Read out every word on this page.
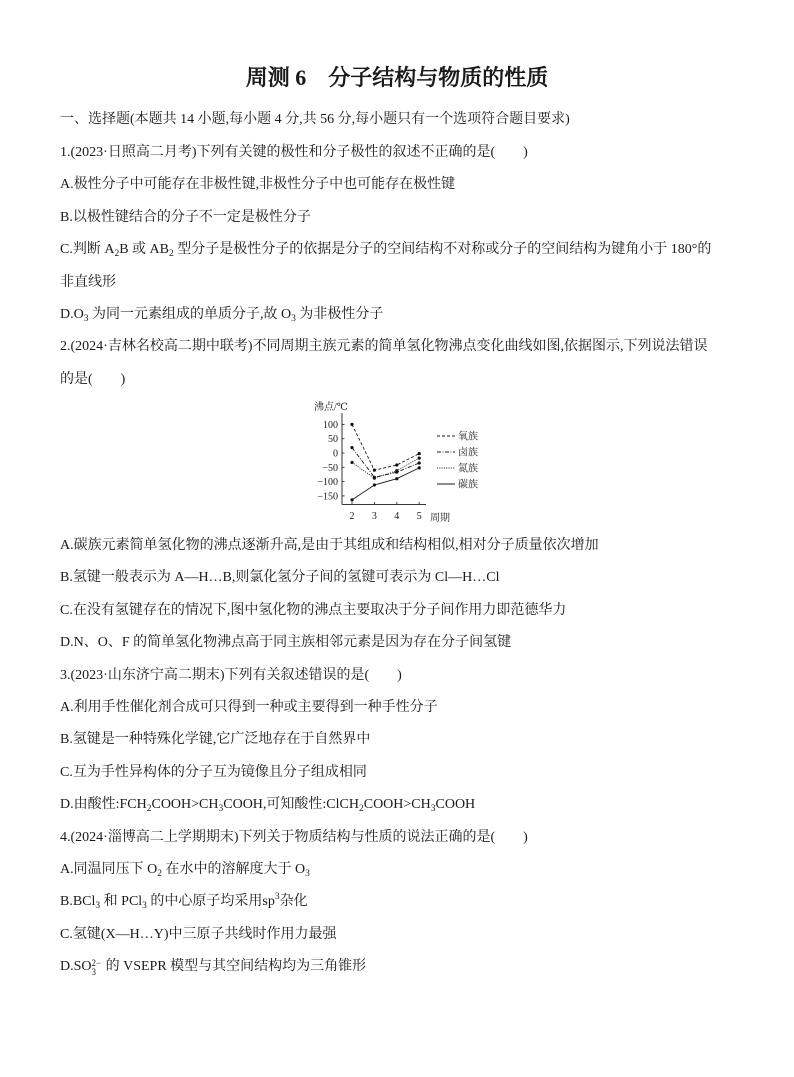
周测 6　分子结构与物质的性质
一、选择题(本题共 14 小题,每小题 4 分,共 56 分,每小题只有一个选项符合题目要求)
1.(2023·日照高二月考)下列有关键的极性和分子极性的叙述不正确的是(　　)
A.极性分子中可能存在非极性键,非极性分子中也可能存在极性键
B.以极性键结合的分子不一定是极性分子
C.判断 $A_2B$ 或 $AB_2$ 型分子是极性分子的依据是分子的空间结构不对称或分子的空间结构为键角小于 180°的
非直线形
$D.O_3$ 为同一元素组成的单质分子,故 $O_3$ 为非极性分子
2.(2024·吉林名校高二期中联考)不同周期主族元素的简单氢化物沸点变化曲线如图,依据图示,下列说法错误
的是(　　)
沸点/℃
周期
100
50
0
−50
−100
−150
2 3 4 5
氧族
卤族
氮族
碳族
A.碳族元素简单氢化物的沸点逐渐升高,是由于其组成和结构相似,相对分子质量依次增加
B.氢键一般表示为 A—H…B,则氯化氢分子间的氢键可表示为 Cl—H…Cl
C.在没有氢键存在的情况下,图中氢化物的沸点主要取决于分子间作用力即范德华力
D.N、O、F 的简单氢化物沸点高于同主族相邻元素是因为存在分子间氢键
3.(2023·山东济宁高二期末)下列有关叙述错误的是(　　)
A.利用手性催化剂合成可只得到一种或主要得到一种手性分子
B.氢键是一种特殊化学键,它广泛地存在于自然界中
C.互为手性异构体的分子互为镜像且分子组成相同
D.由酸性$:FCH_2COOH>CH_3COOH$,可知酸性$:ClCH_2COOH>CH_3COOH$
4.(2024·淄博高二上学期期末)下列关于物质结构与性质的说法正确的是(　　)
A.同温同压下 $O_2$ 在水中的溶解度大于 $O_3$
B.BCl$_3$ 和 PCl$_3$ 的中心原子均采用$sp^3$杂化
C.氢键(X—H…Y)中三原子共线时作用力最强
D.SO 2−
3 的 VSEPR 模型与其空间结构均为三角锥形
